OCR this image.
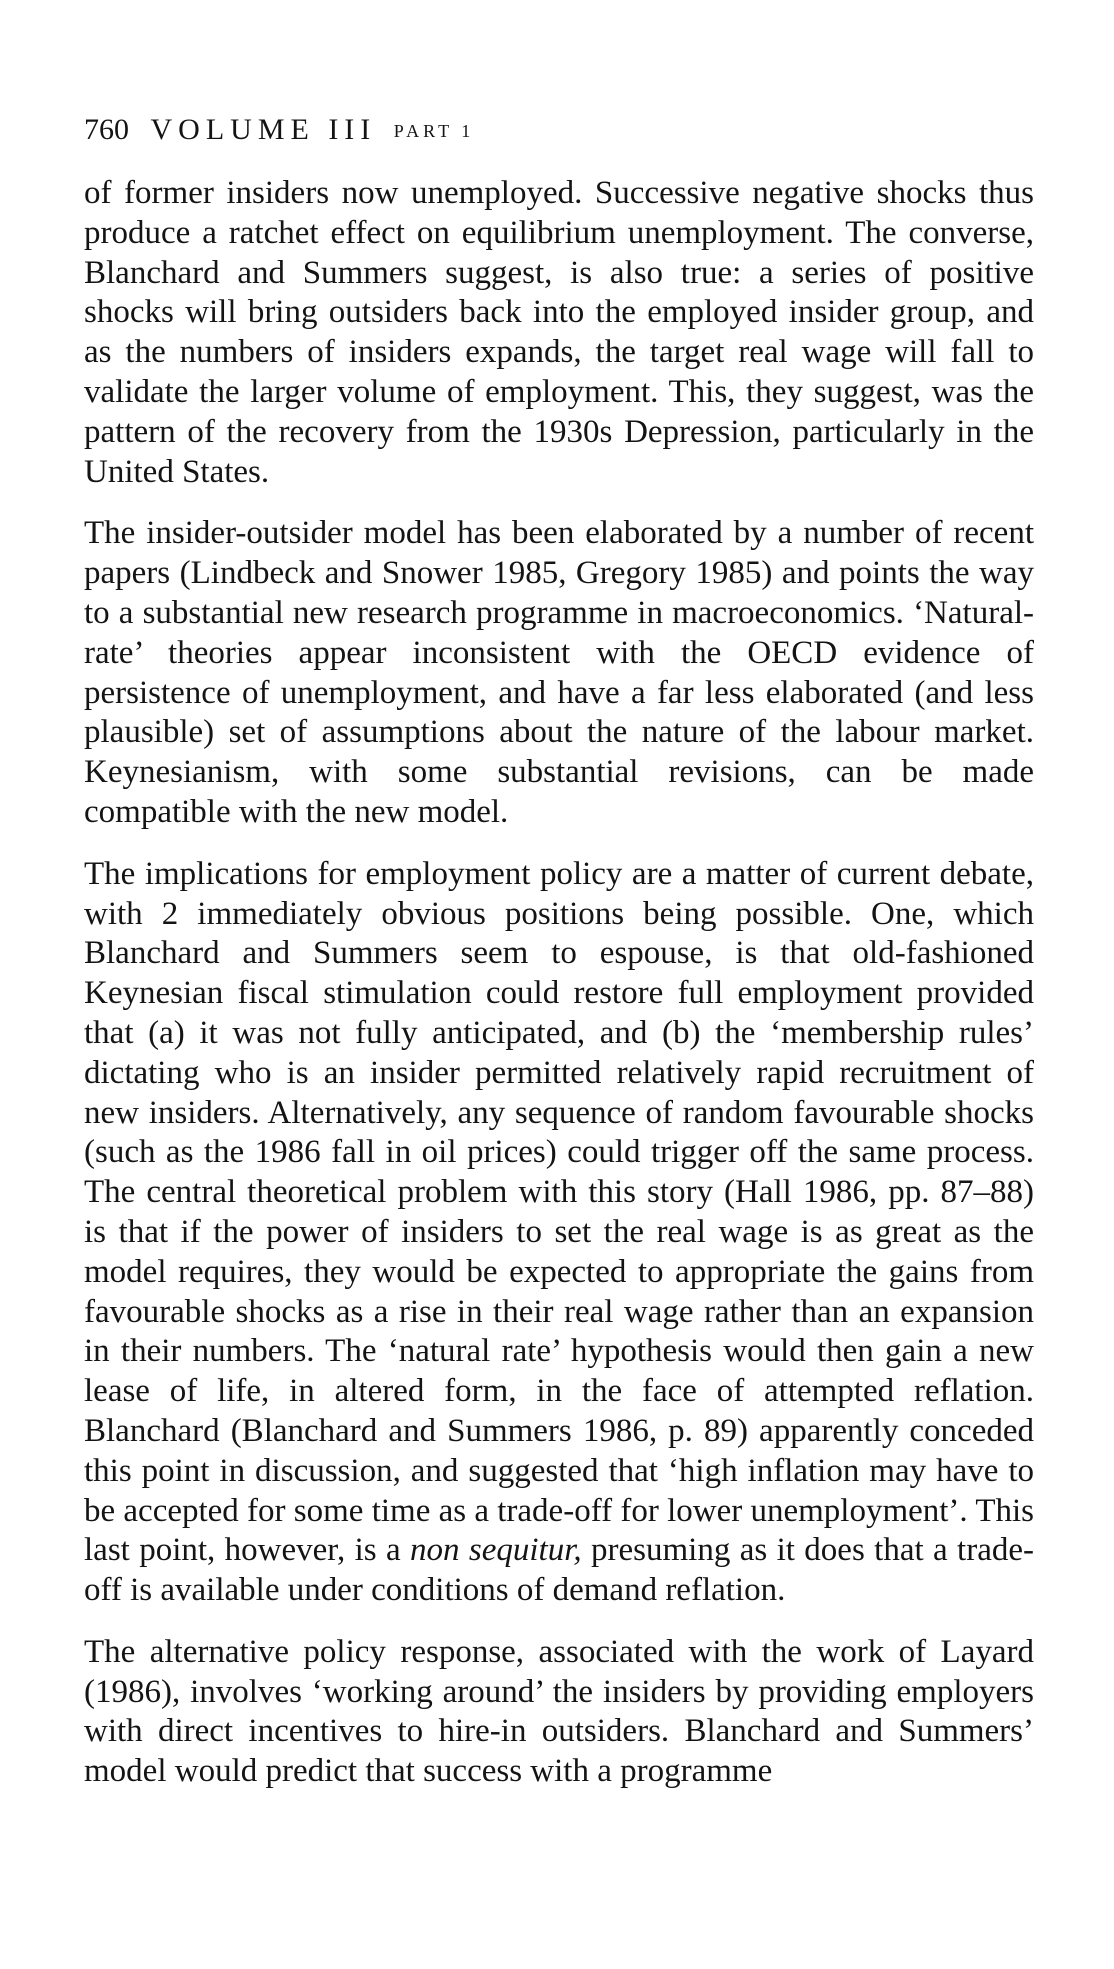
760 VOLUME III PART 1

of former insiders now unemployed. Successive negative shocks thus produce a ratchet effect on equilibrium unemployment. The converse, Blanchard and Summers suggest, is also true: a series of positive shocks will bring outsiders back into the employed insider group, and as the numbers of insiders expands, the target real wage will fall to validate the larger volume of employment. This, they suggest, was the pattern of the recovery from the 1930s Depression, particularly in the United States.

The insider-outsider model has been elaborated by a number of recent papers (Lindbeck and Snower 1985, Gregory 1985) and points the way to a substantial new research programme in macroeconomics. ‘Natural-rate’ theories appear inconsistent with the OECD evidence of persistence of unemployment, and have a far less elaborated (and less plausible) set of assumptions about the nature of the labour market. Keynesianism, with some substantial revisions, can be made compatible with the new model.

The implications for employment policy are a matter of current debate, with 2 immediately obvious positions being possible. One, which Blanchard and Summers seem to espouse, is that old-fashioned Keynesian fiscal stimulation could restore full employment provided that (a) it was not fully anticipated, and (b) the ‘membership rules’ dictating who is an insider permitted relatively rapid recruitment of new insiders. Alternatively, any sequence of random favourable shocks (such as the 1986 fall in oil prices) could trigger off the same process. The central theoretical problem with this story (Hall 1986, pp. 87–88) is that if the power of insiders to set the real wage is as great as the model requires, they would be expected to appropriate the gains from favourable shocks as a rise in their real wage rather than an expansion in their numbers. The ‘natural rate’ hypothesis would then gain a new lease of life, in altered form, in the face of attempted reflation. Blanchard (Blanchard and Summers 1986, p. 89) apparently conceded this point in discussion, and suggested that ‘high inflation may have to be accepted for some time as a trade-off for lower unemployment’. This last point, however, is a non sequitur, presuming as it does that a trade-off is available under conditions of demand reflation.

The alternative policy response, associated with the work of Layard (1986), involves ‘working around’ the insiders by providing employers with direct incentives to hire-in outsiders. Blanchard and Summers’ model would predict that success with a programme
